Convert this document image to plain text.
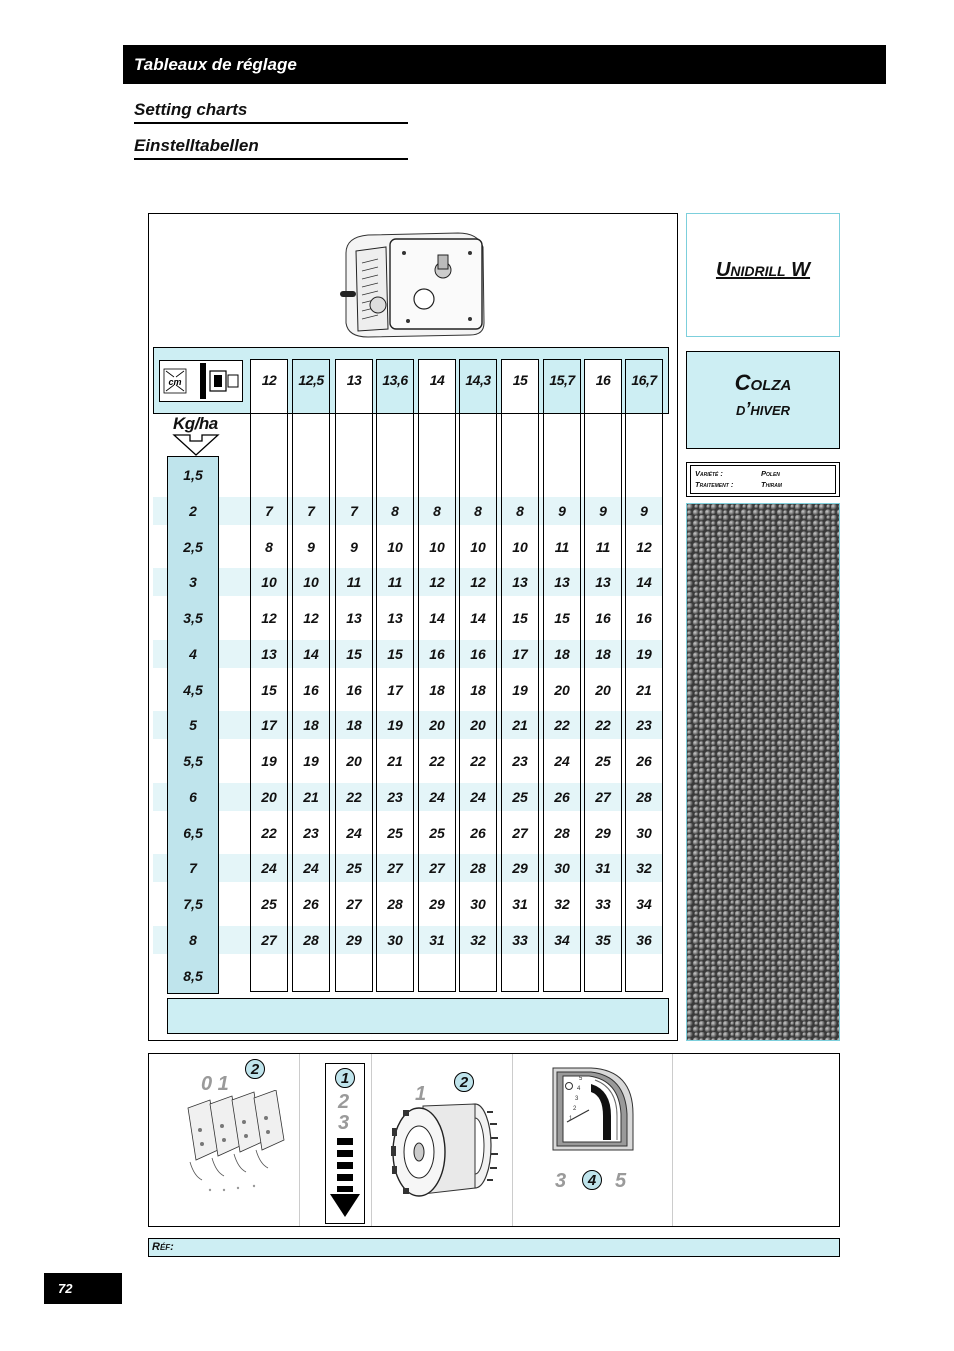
Tableaux de réglage
Setting charts
Einstelltabellen
cm
Kg/ha
12	12,5	13	13,6	14	14,3	15	15,7	16	16,7
1,5
2	7	7	7	8	8	8	8	9	9	9
2,5	8	9	9	10	10	10	10	11	11	12
3	10	10	11	11	12	12	13	13	13	14
3,5	12	12	13	13	14	14	15	15	16	16
4	13	14	15	15	16	16	17	18	18	19
4,5	15	16	16	17	18	18	19	20	20	21
5	17	18	18	19	20	20	21	22	22	23
5,5	19	19	20	21	22	22	23	24	25	26
6	20	21	22	23	24	24	25	26	27	28
6,5	22	23	24	25	25	26	27	28	29	30
7	24	24	25	27	27	28	29	30	31	32
7,5	25	26	27	28	29	30	31	32	33	34
8	27	28	29	30	31	32	33	34	35	36
8,5
Unidrill W
Colza
d’hiver
Variété :	Polen
Traitement :	Thiram
0 1
2
1
2
3
1
2	5
4
3
2
1
3	4 5
Réf:
72
